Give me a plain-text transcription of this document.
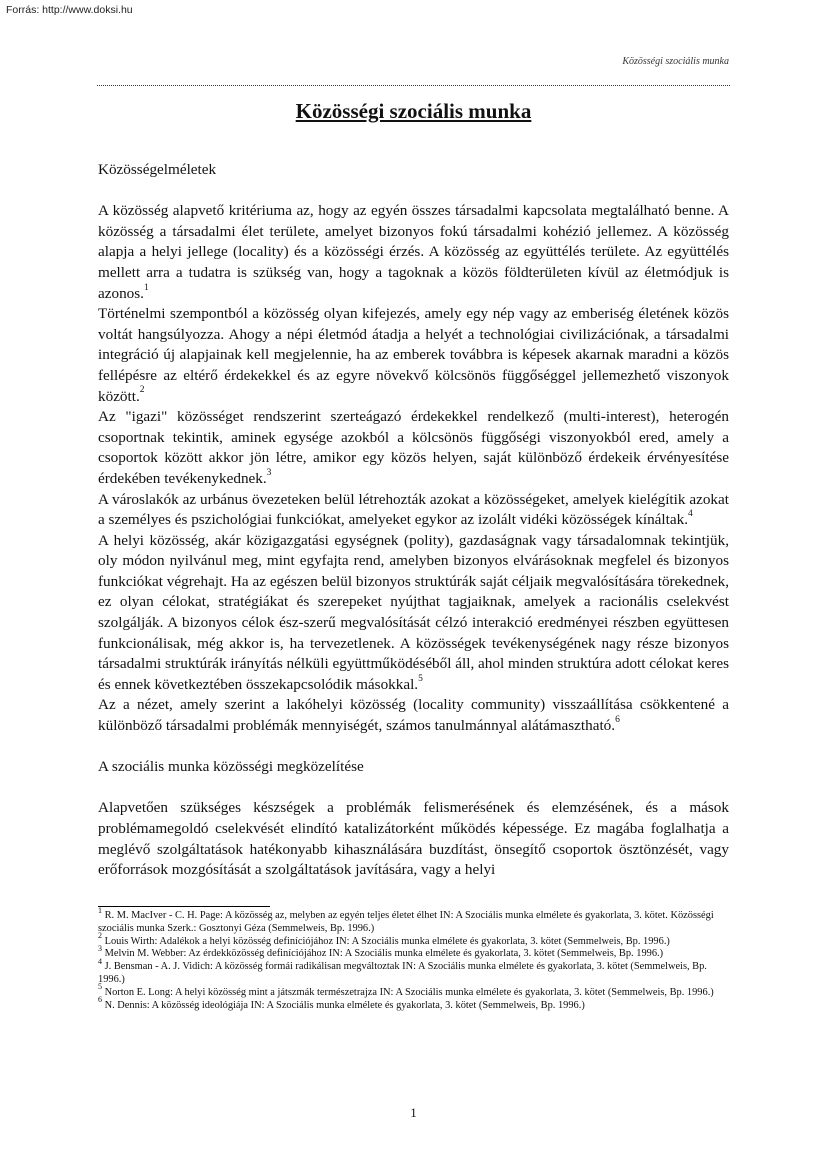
Forrás: http://www.doksi.hu
Közösségi szociális munka
Közösségi szociális munka
Közösségelméletek

A közösség alapvető kritériuma az, hogy az egyén összes társadalmi kapcsolata megtalálható benne. A közösség a társadalmi élet területe, amelyet bizonyos fokú társadalmi kohézió jellemez. A közösség alapja a helyi jellege (locality) és a közösségi érzés. A közösség az együttélés területe. Az együttélés mellett arra a tudatra is szükség van, hogy a tagoknak a közös földterületen kívül az életmódjuk is azonos.$^1$

Történelmi szempontból a közösség olyan kifejezés, amely egy nép vagy az emberiség életének közös voltát hangsúlyozza. Ahogy a népi életmód átadja a helyét a technológiai civilizációnak, a társadalmi integráció új alapjainak kell megjelennie, ha az emberek továbbra is képesek akarnak maradni a közös fellépésre az eltérő érdekekkel és az egyre növekvő kölcsönös függőséggel jellemezhető viszonyok között.$^2$

Az "igazi" közösséget rendszerint szerteágazó érdekekkel rendelkező (multi-interest), heterogén csoportnak tekintik, aminek egysége azokból a kölcsönös függőségi viszonyokból ered, amely a csoportok között akkor jön létre, amikor egy közös helyen, saját különböző érdekeik érvényesítése érdekében tevékenykednek.$^3$

A városlakók az urbánus övezeteken belül létrehozták azokat a közösségeket, amelyek kielégítik azokat a személyes és pszichológiai funkciókat, amelyeket egykor az izolált vidéki közösségek kínáltak.$^4$

A helyi közösség, akár közigazgatási egységnek (polity), gazdaságnak vagy társadalomnak tekintjük, oly módon nyilvánul meg, mint egyfajta rend, amelyben bizonyos elvárásoknak megfelel és bizonyos funkciókat végrehajt. Ha az egészen belül bizonyos struktúrák saját céljaik megvalósítására törekednek, ez olyan célokat, stratégiákat és szerepeket nyújthat tagjaiknak, amelyek a racionális cselekvést szolgálják. A bizonyos célok ész-szerű megvalósítását célzó interakció eredményei részben együttesen funkcionálisak, még akkor is, ha tervezetlenek. A közösségek tevékenységének nagy része bizonyos társadalmi struktúrák irányítás nélküli együttműködéséből áll, ahol minden struktúra adott célokat keres és ennek következtében összekapcsolódik másokkal.$^5$

Az a nézet, amely szerint a lakóhelyi közösség (locality community) visszaállítása csökkentené a különböző társadalmi problémák mennyiségét, számos tanulmánnyal alátámasztható.$^6$

A szociális munka közösségi megközelítése

Alapvetően szükséges készségek a problémák felismerésének és elemzésének, és a mások problémamegoldó cselekvését elindító katalizátorként működés képessége. Ez magába foglalhatja a meglévő szolgáltatások hatékonyabb kihasználására buzdítást, önsegítő csoportok ösztönzését, vagy erőforrások mozgósítását a szolgáltatások javítására, vagy a helyi

$^1$ R. M. MacIver - C. H. Page: A közösség az, melyben az egyén teljes életet élhet IN: A Szociális munka elmélete és gyakorlata, 3. kötet. Közösségi szociális munka Szerk.: Gosztonyi Géza (Semmelweis, Bp. 1996.)
$^2$ Louis Wirth: Adalékok a helyi közösség definíciójához IN: A Szociális munka elmélete és gyakorlata, 3. kötet (Semmelweis, Bp. 1996.)
$^3$ Melvin M. Webber: Az érdekközösség definíciójához IN: A Szociális munka elmélete és gyakorlata, 3. kötet (Semmelweis, Bp. 1996.)
$^4$ J. Bensman - A. J. Vidich: A közösség formái radikálisan megváltoztak IN: A Szociális munka elmélete és gyakorlata, 3. kötet (Semmelweis, Bp. 1996.)
$^5$ Norton E. Long: A helyi közösség mint a játszmák természetrajza IN: A Szociális munka elmélete és gyakorlata, 3. kötet (Semmelweis, Bp. 1996.)
$^6$ N. Dennis: A közösség ideológiája IN: A Szociális munka elmélete és gyakorlata, 3. kötet (Semmelweis, Bp. 1996.)
1
